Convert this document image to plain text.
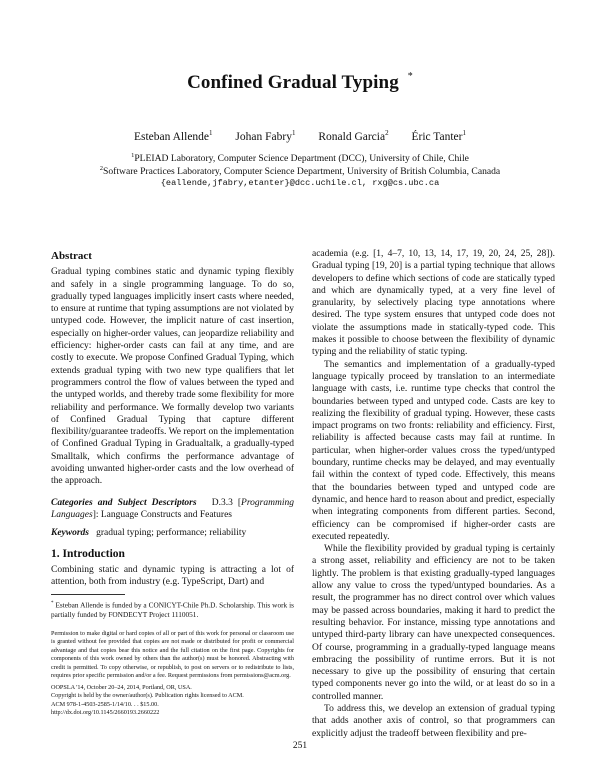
Confined Gradual Typing *
Esteban Allende$^1$ Johan Fabry$^1$ Ronald Garcia$^2$ Éric Tanter$^1$
$^1$PLEIAD Laboratory, Computer Science Department (DCC), University of Chile, Chile
$^2$Software Practices Laboratory, Computer Science Department, University of British Columbia, Canada
{eallende,jfabry,etanter}@dcc.uchile.cl, rxg@cs.ubc.ca
Abstract

Gradual typing combines static and dynamic typing flexibly and safely in a single programming language. To do so, gradually typed languages implicitly insert casts where needed, to ensure at runtime that typing assumptions are not violated by untyped code. However, the implicit nature of cast insertion, especially on higher-order values, can jeopardize reliability and efficiency: higher-order casts can fail at any time, and are costly to execute. We propose Confined Gradual Typing, which extends gradual typing with two new type qualifiers that let programmers control the flow of values between the typed and the untyped worlds, and thereby trade some flexibility for more reliability and performance. We formally develop two variants of Confined Gradual Typing that capture different flexibility/guarantee tradeoffs. We report on the implementation of Confined Gradual Typing in Gradualtalk, a gradually-typed Smalltalk, which confirms the performance advantage of avoiding unwanted higher-order casts and the low overhead of the approach.

Categories and Subject Descriptors D.3.3 [Programming Languages]: Language Constructs and Features

Keywords gradual typing; performance; reliability

1. Introduction

Combining static and dynamic typing is attracting a lot of attention, both from industry (e.g. TypeScript, Dart) and

* Esteban Allende is funded by a CONICYT-Chile Ph.D. Scholarship. This work is partially funded by FONDECYT Project 1110051.

Permission to make digital or hard copies of all or part of this work for personal or classroom use is granted without fee provided that copies are not made or distributed for profit or commercial advantage and that copies bear this notice and the full citation on the first page. Copyrights for components of this work owned by others than the author(s) must be honored. Abstracting with credit is permitted. To copy otherwise, or republish, to post on servers or to redistribute to lists, requires prior specific permission and/or a fee. Request permissions from permissions@acm.org.

OOPSLA '14, October 20–24, 2014, Portland, OR, USA.
Copyright is held by the owner/author(s). Publication rights licensed to ACM.
ACM 978-1-4503-2585-1/14/10. . . $15.00.
http://dx.doi.org/10.1145/2660193.2660222

academia (e.g. [1, 4–7, 10, 13, 14, 17, 19, 20, 24, 25, 28]). Gradual typing [19, 20] is a partial typing technique that allows developers to define which sections of code are statically typed and which are dynamically typed, at a very fine level of granularity, by selectively placing type annotations where desired. The type system ensures that untyped code does not violate the assumptions made in statically-typed code. This makes it possible to choose between the flexibility of dynamic typing and the reliability of static typing.

The semantics and implementation of a gradually-typed language typically proceed by translation to an intermediate language with casts, i.e. runtime type checks that control the boundaries between typed and untyped code. Casts are key to realizing the flexibility of gradual typing. However, these casts impact programs on two fronts: reliability and efficiency. First, reliability is affected because casts may fail at runtime. In particular, when higher-order values cross the typed/untyped boundary, runtime checks may be delayed, and may eventually fail within the context of typed code. Effectively, this means that the boundaries between typed and untyped code are dynamic, and hence hard to reason about and predict, especially when integrating components from different parties. Second, efficiency can be compromised if higher-order casts are executed repeatedly.

While the flexibility provided by gradual typing is certainly a strong asset, reliability and efficiency are not to be taken lightly. The problem is that existing gradually-typed languages allow any value to cross the typed/untyped boundaries. As a result, the programmer has no direct control over which values may be passed across boundaries, making it hard to predict the resulting behavior. For instance, missing type annotations and untyped third-party library can have unexpected consequences. Of course, programming in a gradually-typed language means embracing the possibility of runtime errors. But it is not necessary to give up the possibility of ensuring that certain typed components never go into the wild, or at least do so in a controlled manner.

To address this, we develop an extension of gradual typing that adds another axis of control, so that programmers can explicitly adjust the tradeoff between flexibility and pre-

251
